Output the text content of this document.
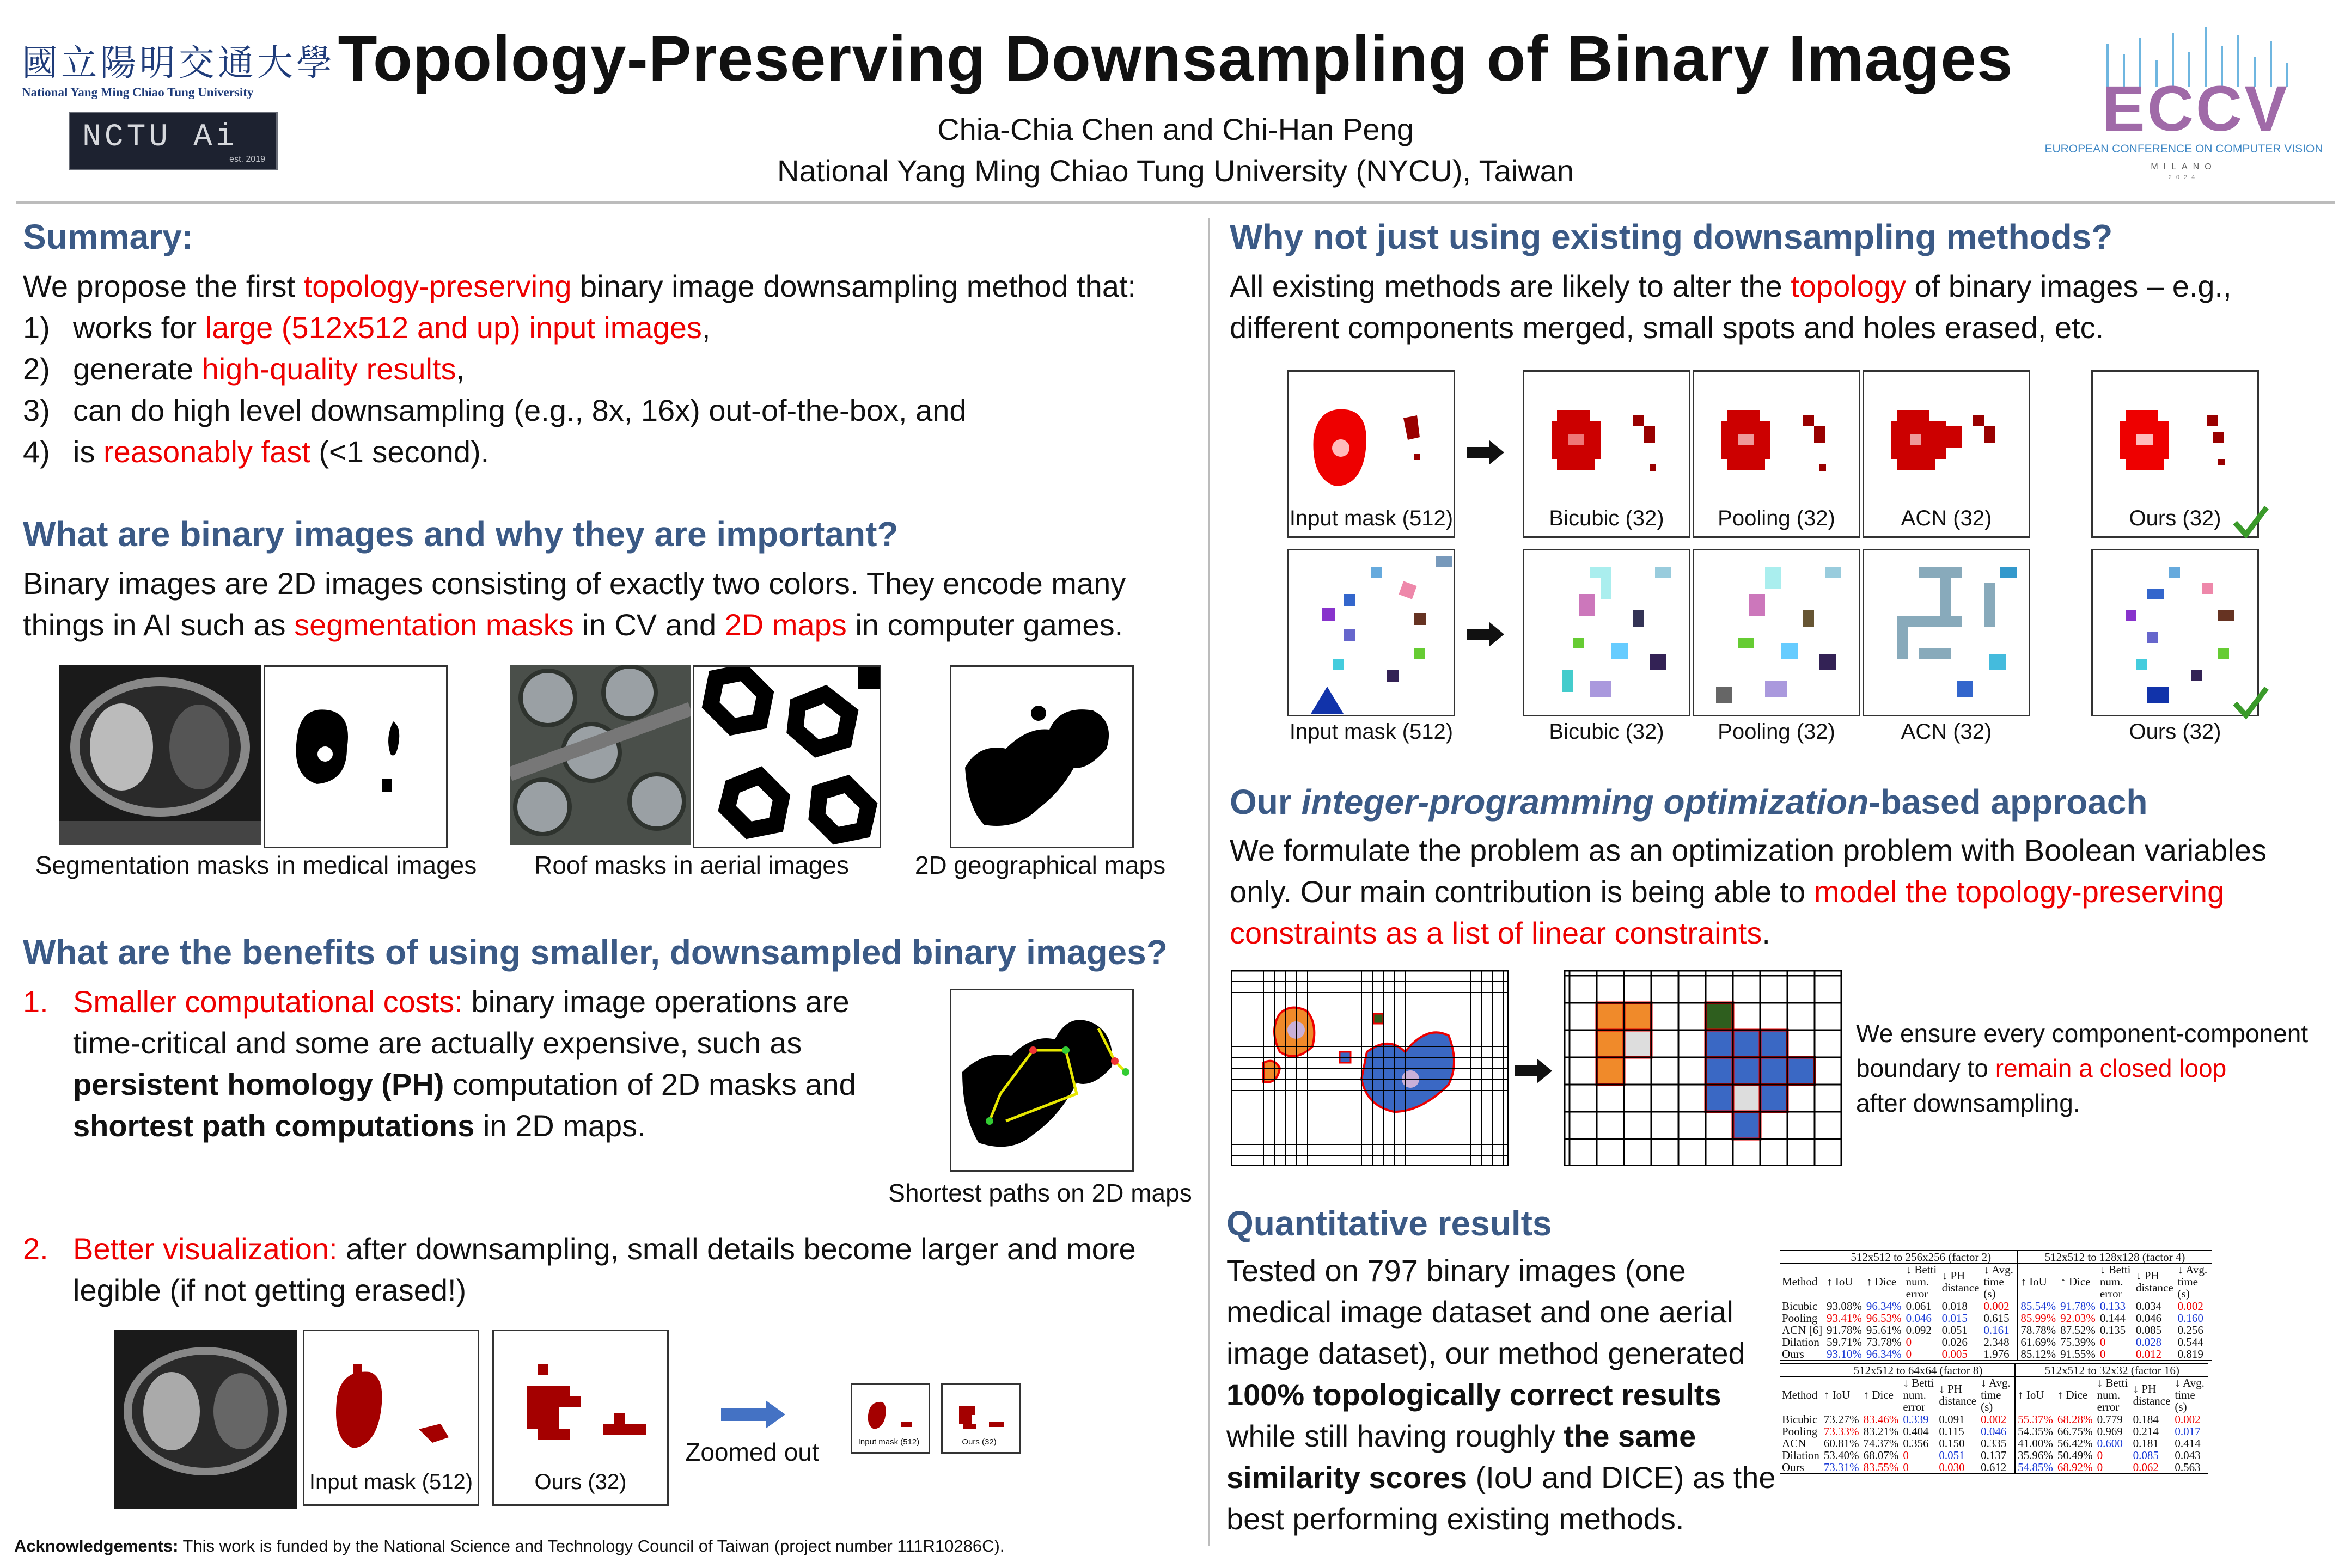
國立陽明交通大學
National Yang Ming Chiao Tung University
NCTU Ai
est. 2019
Topology-Preserving Downsampling of Binary Images
Chia-Chia Chen and Chi-Han Peng
National Yang Ming Chiao Tung University (NYCU), Taiwan
ECCV
EUROPEAN CONFERENCE ON COMPUTER VISION
MILANO
2024
Summary:
We propose the first topology-preserving binary image downsampling method that:
1) works for large (512x512 and up) input images,
2) generate high-quality results,
3) can do high level downsampling (e.g., 8x, 16x) out-of-the-box, and
4) is reasonably fast (<1 second).
What are binary images and why they are important?
Binary images are 2D images consisting of exactly two colors. They encode many
things in AI such as segmentation masks in CV and 2D maps in computer games.
Segmentation masks in medical images	Roof masks in aerial images	2D geographical maps
What are the benefits of using smaller, downsampled binary images?
1. Smaller computational costs: binary image operations are
time-critical and some are actually expensive, such as
persistent homology (PH) computation of 2D masks and
shortest path computations in 2D maps.
Shortest paths on 2D maps
2. Better visualization: after downsampling, small details become larger and more
legible (if not getting erased!)
Input mask (512)	Ours (32)
Zoomed out	Input mask (512)	Ours (32)
Acknowledgements: This work is funded by the National Science and Technology Council of Taiwan (project number 111R10286C).
Why not just using existing downsampling methods?
All existing methods are likely to alter the topology of binary images – e.g.,
different components merged, small spots and holes erased, etc.
Input mask (512)	Bicubic (32)	Pooling (32)	ACN (32)	Ours (32)
Input mask (512)	Bicubic (32)	Pooling (32)	ACN (32)	Ours (32)
Our integer-programming optimization-based approach
We formulate the problem as an optimization problem with Boolean variables
only. Our main contribution is being able to model the topology-preserving
constraints as a list of linear constraints.
We ensure every component-component
boundary to remain a closed loop
after downsampling.
Quantitative results
Tested on 797 binary images (one
medical image dataset and one aerial
image dataset), our method generated
100% topologically correct results
while still having roughly the same
similarity scores (IoU and DICE) as the
best performing existing methods.
	512x512 to 256x256 (factor 2)					512x512 to 128x128 (factor 4)				
Method	↑ IoU	↑ Dice	↓ Betti num. error	↓ PH distance	↓ Avg. time (s)	↑ IoU	↑ Dice	↓ Betti num. error	↓ PH distance	↓ Avg. time (s)
Bicubic	93.08%	96.34%	0.061	0.018	0.002	85.54%	91.78%	0.133	0.034	0.002
Pooling	93.41%	96.53%	0.046	0.015	0.615	85.99%	92.03%	0.144	0.046	0.160
ACN [6]	91.78%	95.61%	0.092	0.051	0.161	78.78%	87.52%	0.135	0.085	0.256
Dilation	59.71%	73.78%	0	0.026	2.348	61.69%	75.39%	0	0.028	0.544
Ours	93.10%	96.34%	0	0.005	1.976	85.12%	91.55%	0	0.012	0.819
	512x512 to 64x64 (factor 8)					512x512 to 32x32 (factor 16)				
Method	↑ IoU	↑ Dice	↓ Betti num. error	↓ PH distance	↓ Avg. time (s)	↑ IoU	↑ Dice	↓ Betti num. error	↓ PH distance	↓ Avg. time (s)
Bicubic	73.27%	83.46%	0.339	0.091	0.002	55.37%	68.28%	0.779	0.184	0.002
Pooling	73.33%	83.21%	0.404	0.115	0.046	54.35%	66.75%	0.969	0.214	0.017
ACN	60.81%	74.37%	0.356	0.150	0.335	41.00%	56.42%	0.600	0.181	0.414
Dilation	53.40%	68.07%	0	0.051	0.137	35.96%	50.49%	0	0.085	0.043
Ours	73.31%	83.55%	0	0.030	0.612	54.85%	68.92%	0	0.062	0.563
